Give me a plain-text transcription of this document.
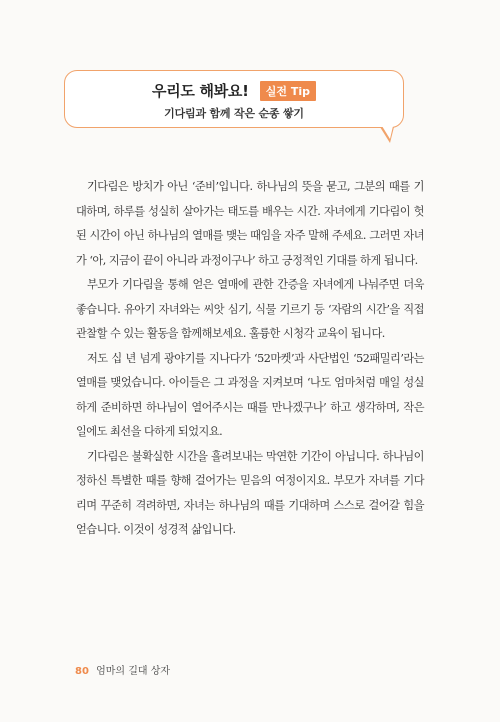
우리도 해봐요! 실전 Tip
기다림과 함께 작은 순종 쌓기

기다림은 방치가 아닌 ‘준비’입니다. 하나님의 뜻을 묻고, 그분의 때를 기대하며, 하루를 성실히 살아가는 태도를 배우는 시간. 자녀에게 기다림이 헛된 시간이 아닌 하나님의 열매를 맺는 때임을 자주 말해 주세요. 그러면 자녀가 ‘아, 지금이 끝이 아니라 과정이구나’ 하고 긍정적인 기대를 하게 됩니다.

부모가 기다림을 통해 얻은 열매에 관한 간증을 자녀에게 나눠주면 더욱 좋습니다. 유아기 자녀와는 씨앗 심기, 식물 기르기 등 ‘자람의 시간’을 직접 관찰할 수 있는 활동을 함께해보세요. 훌륭한 시청각 교육이 됩니다.

저도 십 년 넘게 광야기를 지나다가 ‘52마켓’과 사단법인 ‘52패밀리’라는 열매를 맺었습니다. 아이들은 그 과정을 지켜보며 ‘나도 엄마처럼 매일 성실하게 준비하면 하나님이 열어주시는 때를 만나겠구나’ 하고 생각하며, 작은 일에도 최선을 다하게 되었지요.

기다림은 불확실한 시간을 흘려보내는 막연한 기간이 아닙니다. 하나님이 정하신 특별한 때를 향해 걸어가는 믿음의 여정이지요. 부모가 자녀를 기다리며 꾸준히 격려하면, 자녀는 하나님의 때를 기대하며 스스로 걸어갈 힘을 얻습니다. 이것이 성경적 삶입니다.

80 엄마의 길대 상자
